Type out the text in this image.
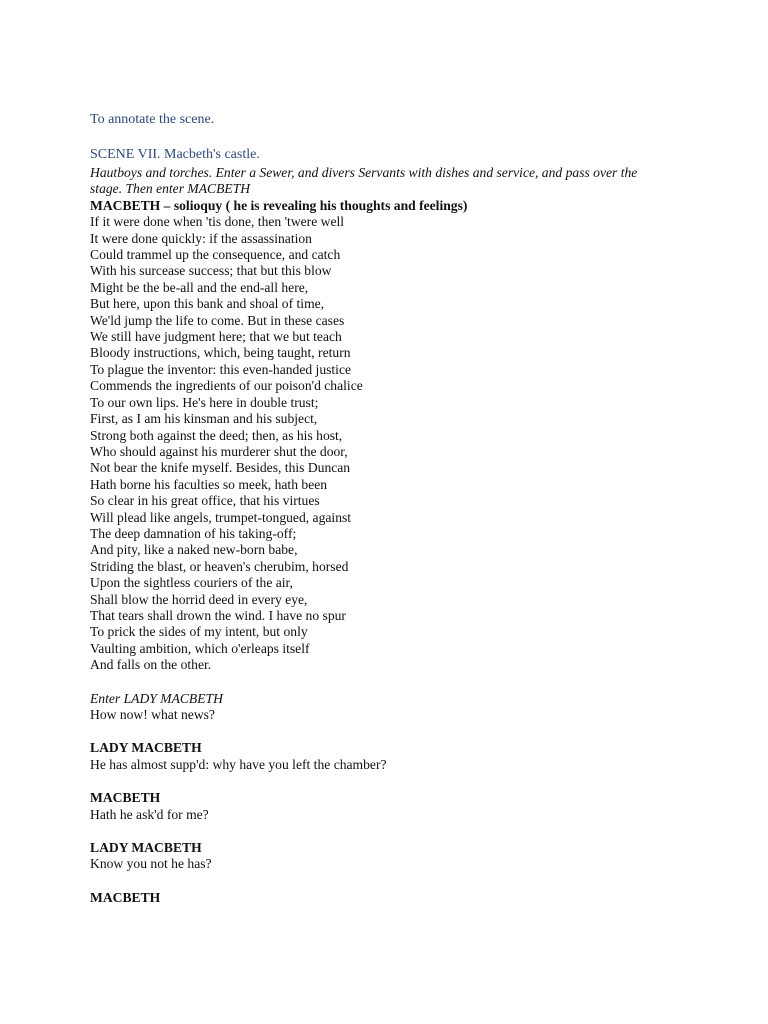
To annotate the scene.
SCENE VII. Macbeth's castle.
Hautboys and torches. Enter a Sewer, and divers Servants with dishes and service, and pass over the stage. Then enter MACBETH
MACBETH – solioquy ( he is revealing his thoughts and feelings)
If it were done when 'tis done, then 'twere well
It were done quickly: if the assassination
Could trammel up the consequence, and catch
With his surcease success; that but this blow
Might be the be-all and the end-all here,
But here, upon this bank and shoal of time,
We'ld jump the life to come. But in these cases
We still have judgment here; that we but teach
Bloody instructions, which, being taught, return
To plague the inventor: this even-handed justice
Commends the ingredients of our poison'd chalice
To our own lips. He's here in double trust;
First, as I am his kinsman and his subject,
Strong both against the deed; then, as his host,
Who should against his murderer shut the door,
Not bear the knife myself. Besides, this Duncan
Hath borne his faculties so meek, hath been
So clear in his great office, that his virtues
Will plead like angels, trumpet-tongued, against
The deep damnation of his taking-off;
And pity, like a naked new-born babe,
Striding the blast, or heaven's cherubim, horsed
Upon the sightless couriers of the air,
Shall blow the horrid deed in every eye,
That tears shall drown the wind. I have no spur
To prick the sides of my intent, but only
Vaulting ambition, which o'erleaps itself
And falls on the other.
Enter LADY MACBETH
How now! what news?
LADY MACBETH
He has almost supp'd: why have you left the chamber?
MACBETH
Hath he ask'd for me?
LADY MACBETH
Know you not he has?
MACBETH
